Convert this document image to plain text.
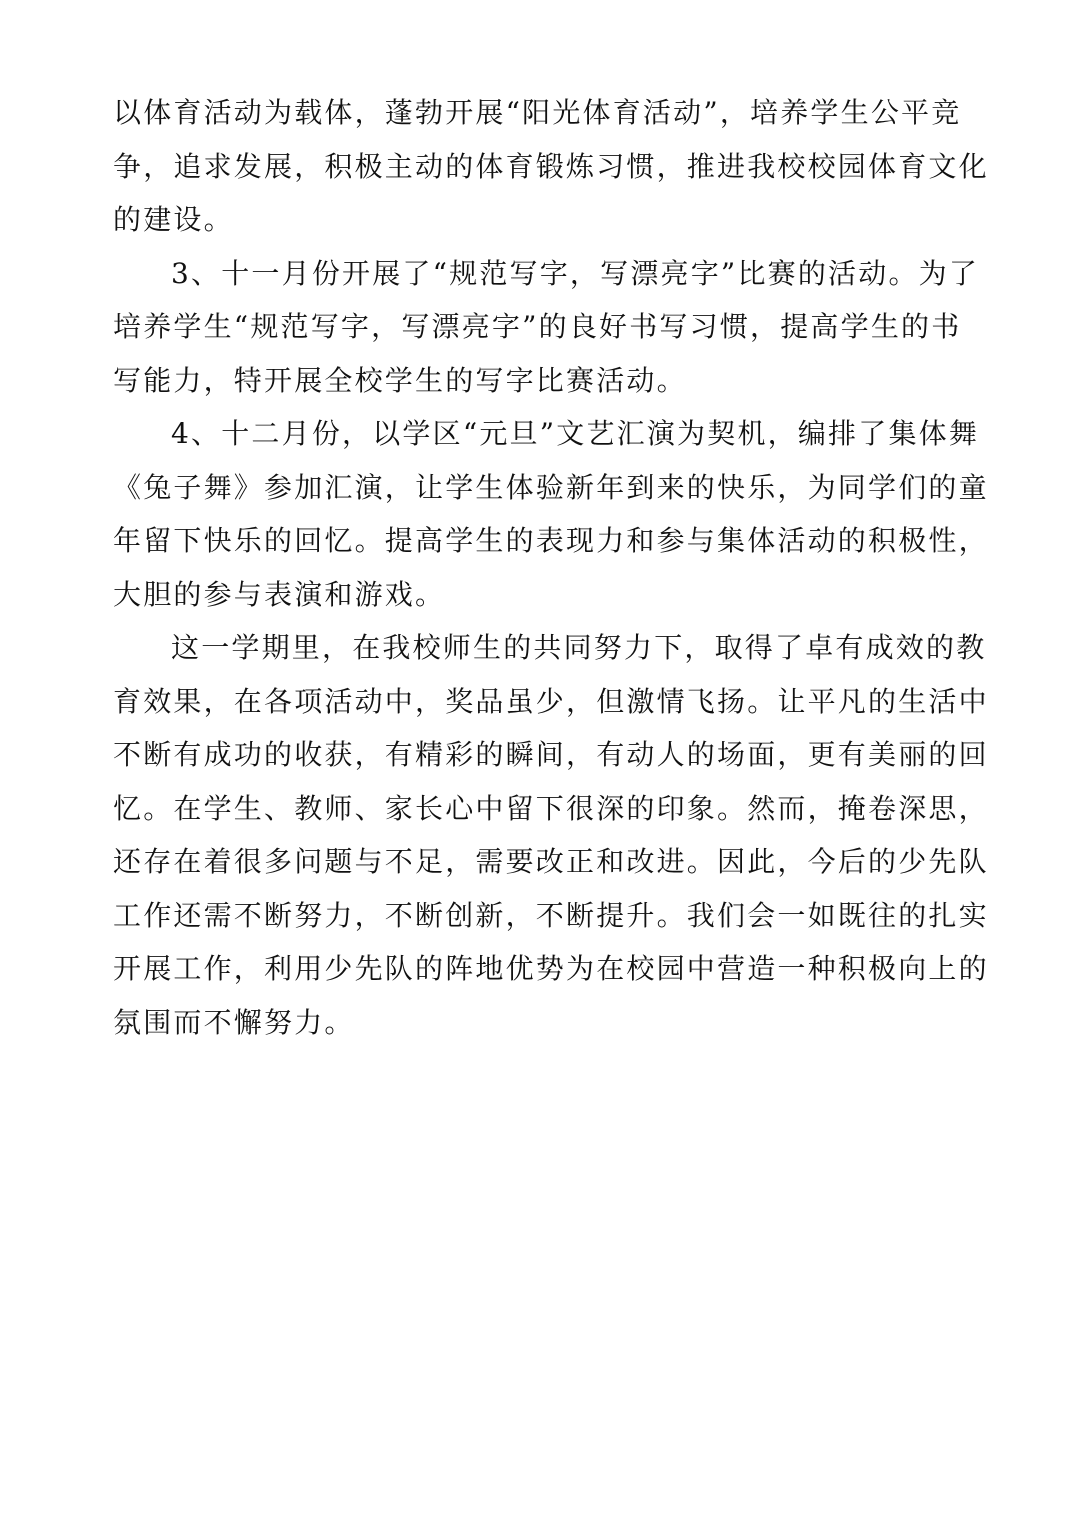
以体育活动为载体，蓬勃开展“阳光体育活动”，培养学生公平竞
争，追求发展，积极主动的体育锻炼习惯，推进我校校园体育文化
的建设。

3、十一月份开展了“规范写字，写漂亮字”比赛的活动。为了
培养学生“规范写字，写漂亮字”的良好书写习惯，提高学生的书
写能力，特开展全校学生的写字比赛活动。

4、十二月份，以学区“元旦”文艺汇演为契机，编排了集体舞
《兔子舞》参加汇演，让学生体验新年到来的快乐，为同学们的童
年留下快乐的回忆。提高学生的表现力和参与集体活动的积极性，
大胆的参与表演和游戏。

这一学期里，在我校师生的共同努力下，取得了卓有成效的教
育效果，在各项活动中，奖品虽少，但激情飞扬。让平凡的生活中
不断有成功的收获，有精彩的瞬间，有动人的场面，更有美丽的回
忆。在学生、教师、家长心中留下很深的印象。然而，掩卷深思，
还存在着很多问题与不足，需要改正和改进。因此，今后的少先队
工作还需不断努力，不断创新，不断提升。我们会一如既往的扎实
开展工作，利用少先队的阵地优势为在校园中营造一种积极向上的
氛围而不懈努力。
